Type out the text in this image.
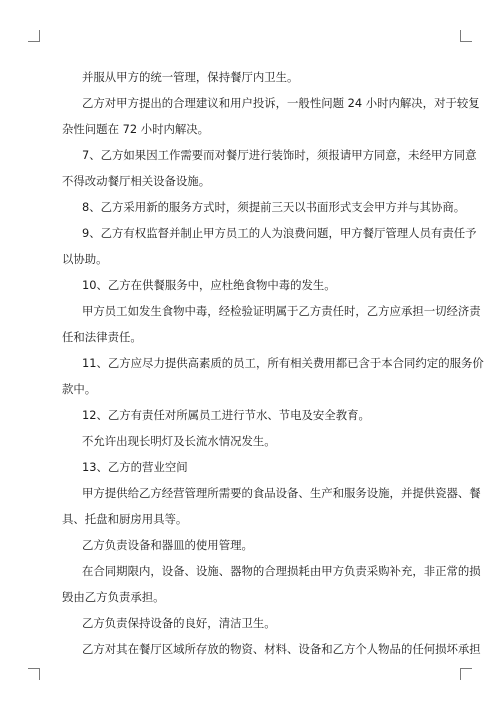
并服从甲方的统一管理，保持餐厅内卫生。

乙方对甲方提出的合理建议和用户投诉，一般性问题 24 小时内解决，对于较复
杂性问题在 72 小时内解决。

7、乙方如果因工作需要而对餐厅进行装饰时，须报请甲方同意，未经甲方同意
不得改动餐厅相关设备设施。

8、乙方采用新的服务方式时，须提前三天以书面形式支会甲方并与其协商。

9、乙方有权监督并制止甲方员工的人为浪费问题，甲方餐厅管理人员有责任予
以协助。

10、乙方在供餐服务中，应杜绝食物中毒的发生。

甲方员工如发生食物中毒，经检验证明属于乙方责任时，乙方应承担一切经济责
任和法律责任。

11、乙方应尽力提供高素质的员工，所有相关费用都已含于本合同约定的服务价
款中。

12、乙方有责任对所属员工进行节水、节电及安全教育。

不允许出现长明灯及长流水情况发生。

13、乙方的营业空间

甲方提供给乙方经营管理所需要的食品设备、生产和服务设施，并提供瓷器、餐
具、托盘和厨房用具等。

乙方负责设备和器皿的使用管理。

在合同期限内，设备、设施、器物的合理损耗由甲方负责采购补充，非正常的损
毁由乙方负责承担。

乙方负责保持设备的良好，清洁卫生。

乙方对其在餐厅区域所存放的物资、材料、设备和乙方个人物品的任何损坏承担
